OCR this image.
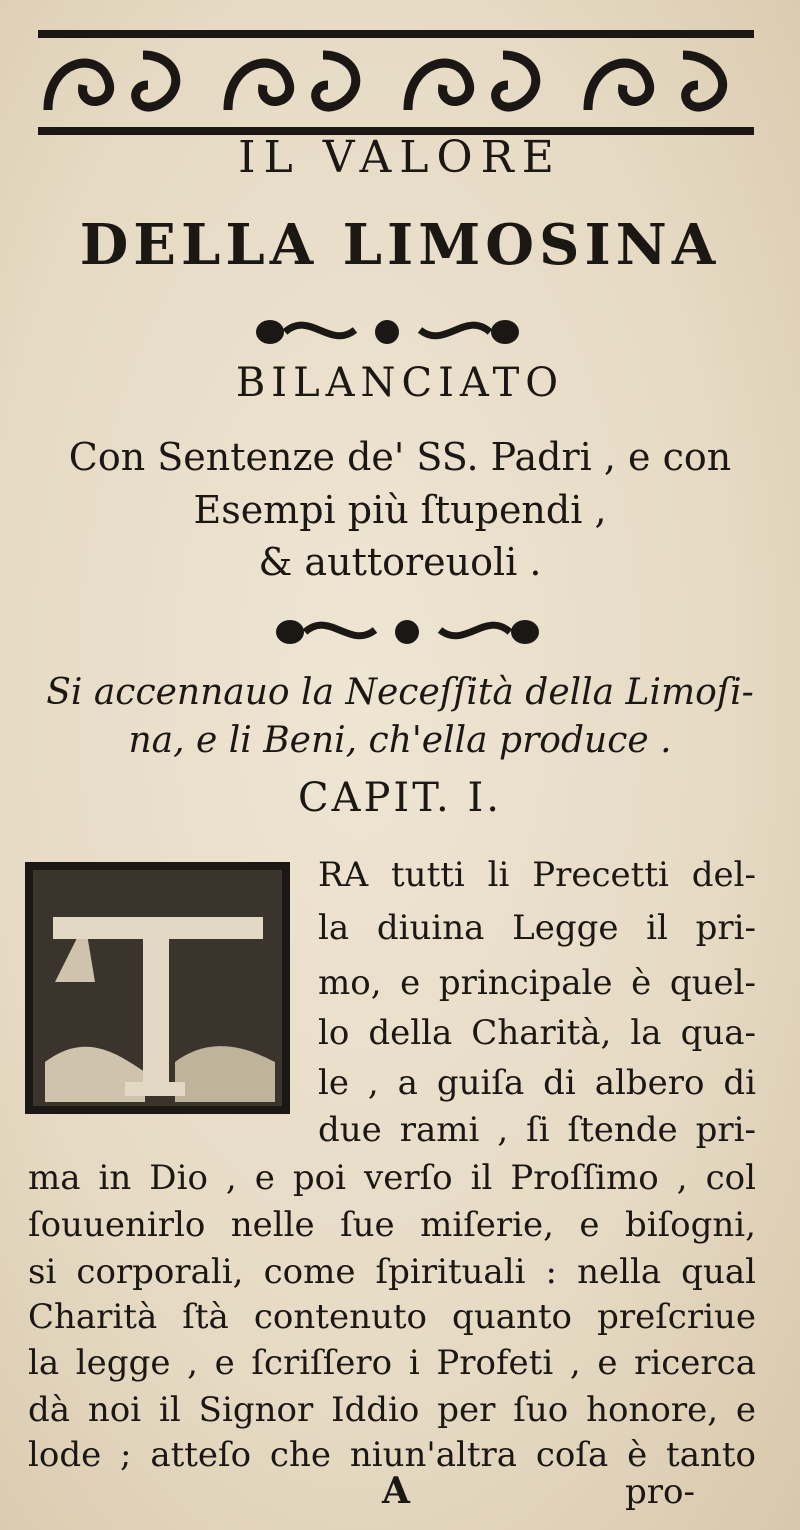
IL VALORE
DELLA LIMOSINA
BILANCIATO
Con Sentenze de' SS. Padri , e con
Esempi più ſtupendi ,
& auttoreuoli .
Si accennauo la Neceſſità della Limoſi-
na, e li Beni, ch'ella produce .
CAPIT. I.
RA tutti li Precetti del-
la diuina Legge il pri-
mo, e principale è quel-
lo della Charità, la qua-
le , a guiſa di albero di
due rami , ſi ſtende pri-
ma in Dio , e poi verſo il Proſſimo , col
ſouuenirlo nelle ſue miſerie, e biſogni,
si corporali, come ſpirituali : nella qual
Charità ſtà contenuto quanto preſcriue
la legge , e ſcriſſero i Profeti , e ricerca
dà noi il Signor Iddio per ſuo honore, e
lode ; atteſo che niun'altra coſa è tanto
A	pro-
